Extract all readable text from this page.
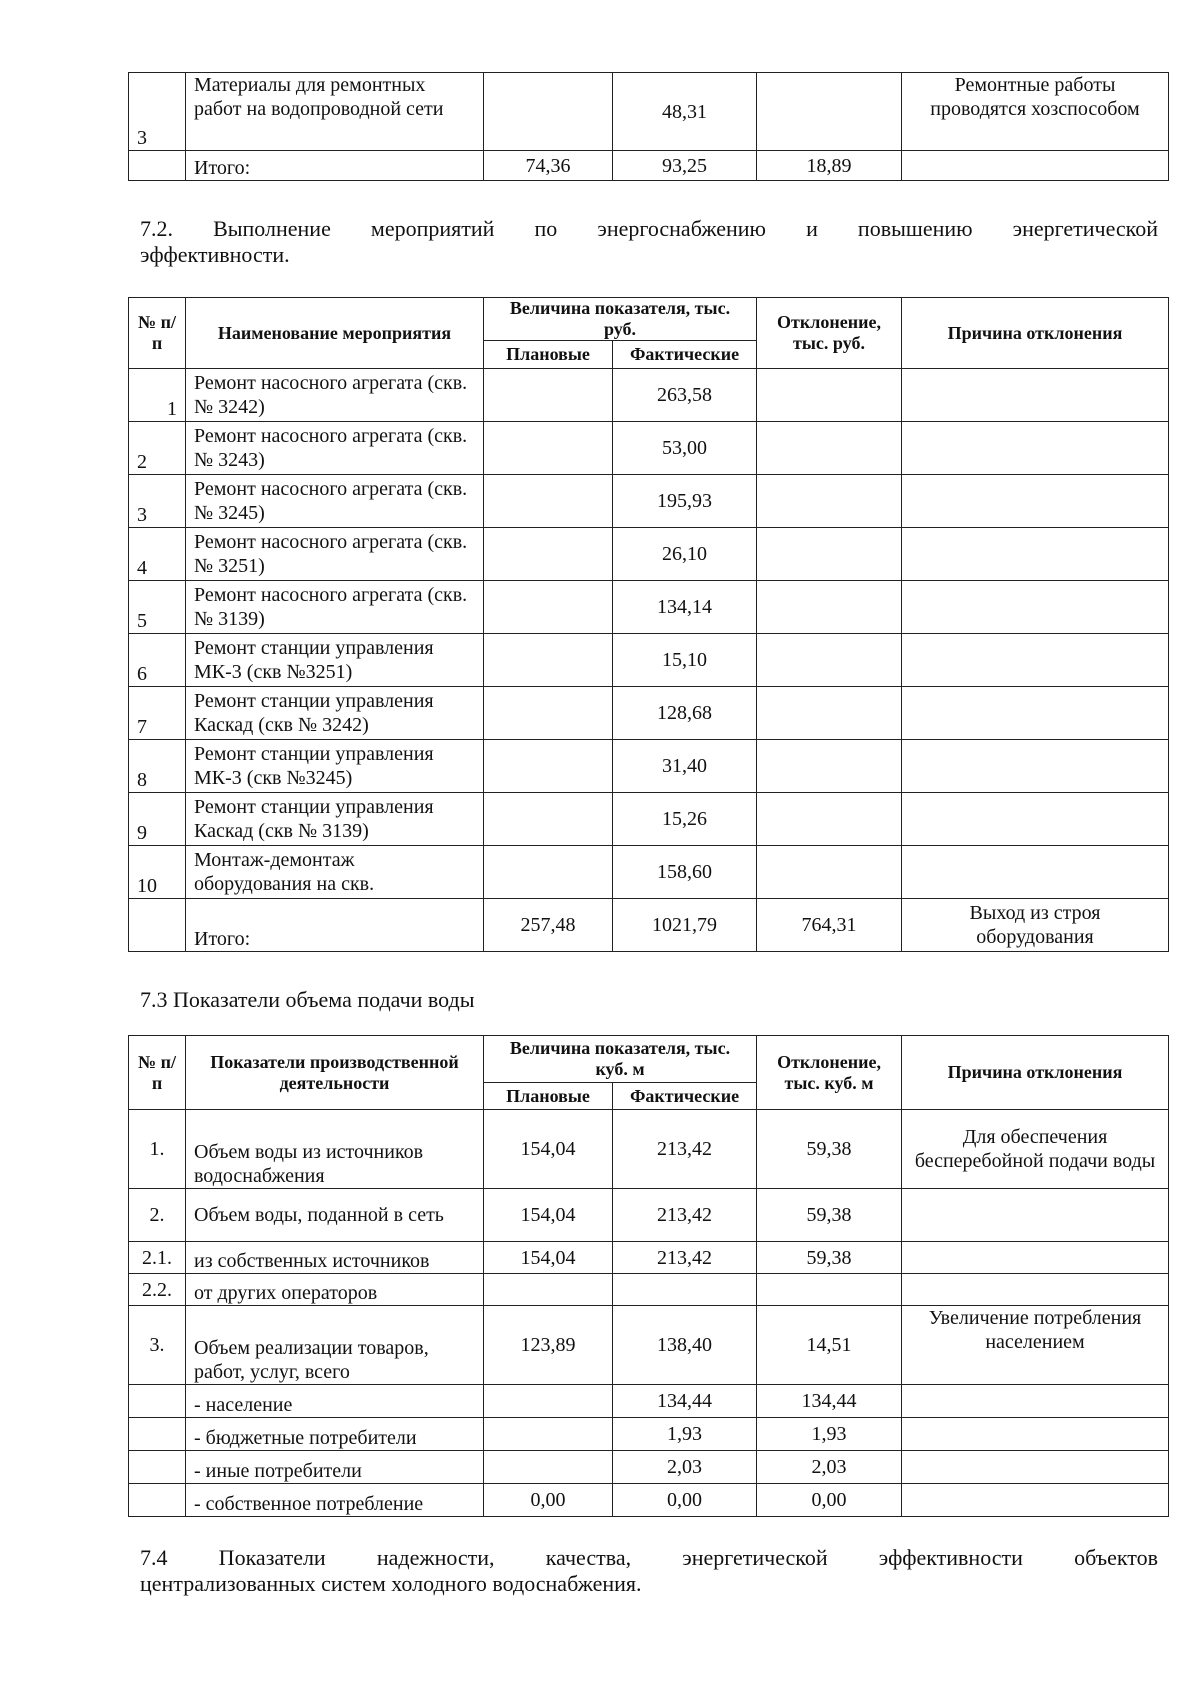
3	Материалы для ремонтных работ на водопроводной сети		48,31		Ремонтные работы проводятся хозспособом
	Итого:	74,36	93,25	18,89	
7.2. Выполнение мероприятий по энергоснабжению и повышению энергетической
эффективности.
№ п/п	Наименование мероприятия	Величина показателя, тыс. руб.		Отклонение, тыс. руб.	Причина отклонения
		Плановые	Фактические		
1	Ремонт насосного агрегата (скв.№ 3242)		263,58		
2	Ремонт насосного агрегата (скв.№ 3243)		53,00		
3	Ремонт насосного агрегата (скв.№ 3245)		195,93		
4	Ремонт насосного агрегата (скв.№ 3251)		26,10		
5	Ремонт насосного агрегата (скв.№ 3139)		134,14		
6	Ремонт станции управления МК-3 (скв №3251)		15,10		
7	Ремонт станции управления Каскад (скв № 3242)		128,68		
8	Ремонт станции управления МК-3 (скв №3245)		31,40		
9	Ремонт станции управления Каскад (скв № 3139)		15,26		
10	Монтаж-демонтаж оборудования на скв.		158,60		
	Итого:	257,48	1021,79	764,31	Выход из строя оборудования
7.3 Показатели объема подачи воды
№ п/п	Показатели производственной деятельности	Величина показателя, тыс. куб. м		Отклонение, тыс. куб. м	Причина отклонения
		Плановые	Фактические		
1.	Объем воды из источников водоснабжения	154,04	213,42	59,38	Для обеспечения бесперебойной подачи воды
2.	Объем воды, поданной в сеть	154,04	213,42	59,38	
2.1.	из собственных источников	154,04	213,42	59,38	
2.2.	от других операторов				
3.	Объем реализации товаров, работ, услуг, всего	123,89	138,40	14,51	Увеличение потребления населением
	- население		134,44	134,44	
	- бюджетные потребители		1,93	1,93	
	- иные потребители		2,03	2,03	
	- собственное потребление	0,00	0,00	0,00	
7.4 Показатели надежности, качества, энергетической эффективности объектов
централизованных систем холодного водоснабжения.
